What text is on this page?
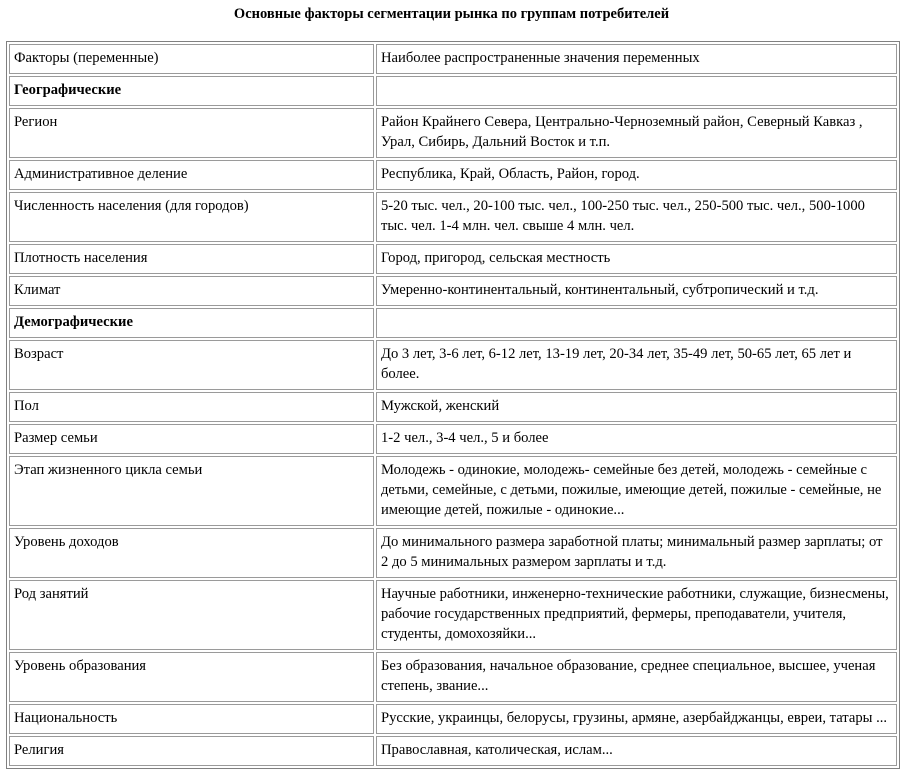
Основные факторы сегментации рынка по группам потребителей
Факторы (переменные)	Наиболее распространенные значения переменных
Географические	
Регион	Район Крайнего Севера, Центрально-Черноземный район, Северный Кавказ , Урал, Сибирь, Дальний Восток и т.п.
Административное деление	Республика, Край, Область, Район, город.
Численность населения (для городов)	5-20 тыс. чел., 20-100 тыс. чел., 100-250 тыс. чел., 250-500 тыс. чел., 500-1000 тыс. чел. 1-4 млн. чел. свыше 4 млн. чел.
Плотность населения	Город, пригород, сельская местность
Климат	Умеренно-континентальный, континентальный, субтропический и т.д.
Демографические	
Возраст	До 3 лет, 3-6 лет, 6-12 лет, 13-19 лет, 20-34 лет, 35-49 лет, 50-65 лет, 65 лет и более.
Пол	Мужской, женский
Размер семьи	1-2 чел., 3-4 чел., 5 и более
Этап жизненного цикла семьи	Молодежь - одинокие, молодежь- семейные без детей, молодежь - семейные с детьми, семейные, с детьми, пожилые, имеющие детей, пожилые - семейные, не имеющие детей, пожилые - одинокие...
Уровень доходов	До минимального размера заработной платы; минимальный размер зарплаты; от 2 до 5 минимальных размером зарплаты и т.д.
Род занятий	Научные работники, инженерно-технические работники, служащие, бизнесмены, рабочие государственных предприятий, фермеры, преподаватели, учителя, студенты, домохозяйки...
Уровень образования	Без образования, начальное образование, среднее специальное, высшее, ученая степень, звание...
Национальность	Русские, украинцы, белорусы, грузины, армяне, азербайджанцы, евреи, татары ...
Религия	Православная, католическая, ислам...
